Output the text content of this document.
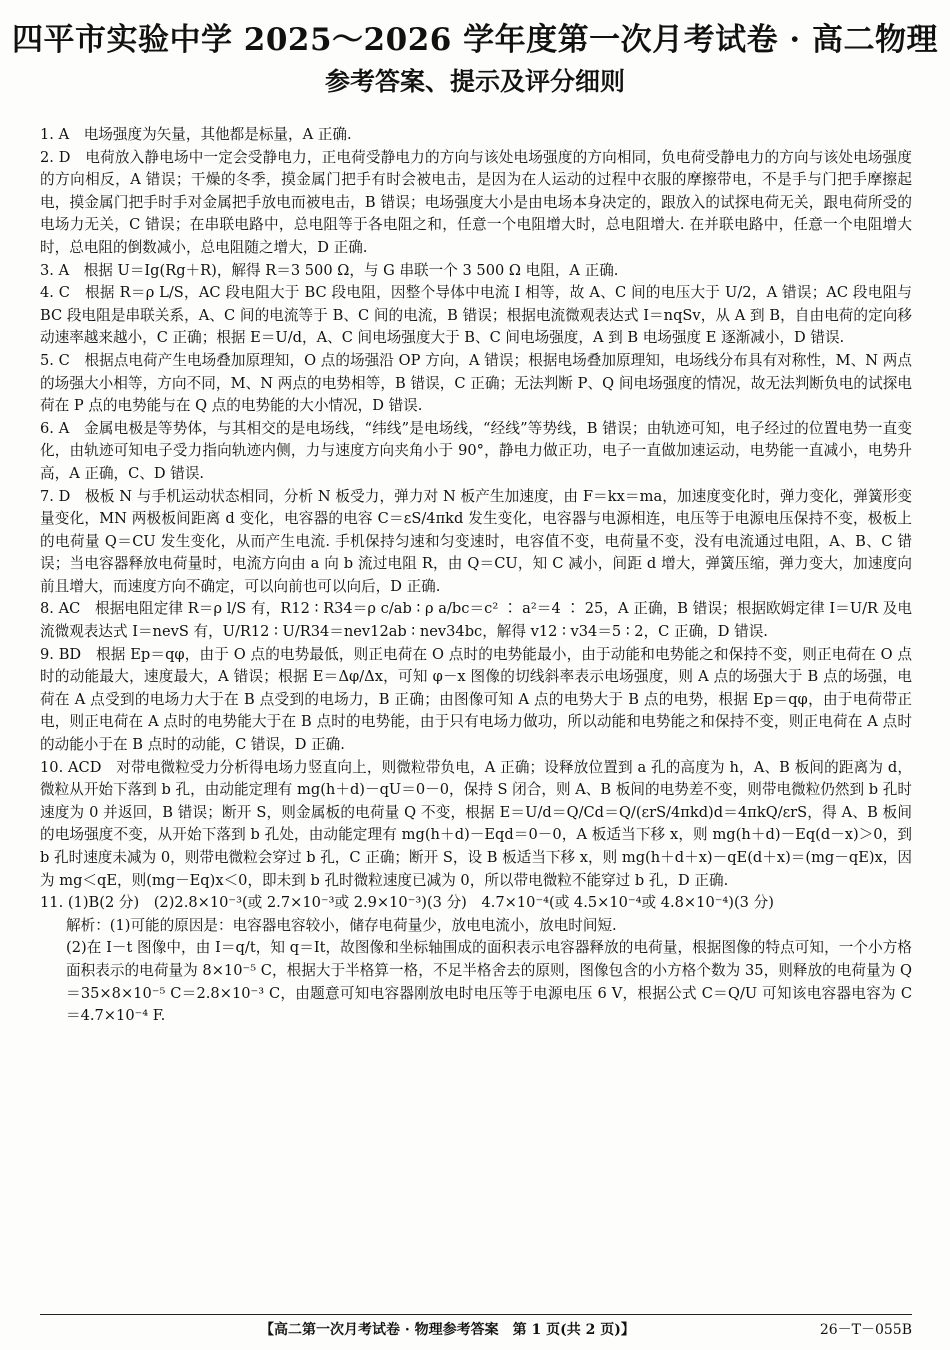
四平市实验中学 2025～2026 学年度第一次月考试卷 · 高二物理
参考答案、提示及评分细则

1. A　电场强度为矢量，其他都是标量，A 正确.

2. D　电荷放入静电场中一定会受静电力，正电荷受静电力的方向与该处电场强度的方向相同，负电荷受静电力的方向与该处电场强度的方向相反，A 错误；干燥的冬季，摸金属门把手有时会被电击，是因为在人运动的过程中衣服的摩擦带电，不是手与门把手摩擦起电，摸金属门把手时手对金属把手放电而被电击，B 错误；电场强度大小是由电场本身决定的，跟放入的试探电荷无关，跟电荷所受的电场力无关，C 错误；在串联电路中，总电阻等于各电阻之和，任意一个电阻增大时，总电阻增大. 在并联电路中，任意一个电阻增大时，总电阻的倒数减小，总电阻随之增大，D 正确.

3. A　根据 U＝Ig(Rg＋R)，解得 R＝3 500 Ω，与 G 串联一个 3 500 Ω 电阻，A 正确.

4. C　根据 R＝ρ L/S，AC 段电阻大于 BC 段电阻，因整个导体中电流 I 相等，故 A、C 间的电压大于 U/2，A 错误；AC 段电阻与 BC 段电阻是串联关系，A、C 间的电流等于 B、C 间的电流，B 错误；根据电流微观表达式 I＝nqSv，从 A 到 B，自由电荷的定向移动速率越来越小，C 正确；根据 E＝U/d，A、C 间电场强度大于 B、C 间电场强度，A 到 B 电场强度 E 逐渐减小，D 错误.

5. C　根据点电荷产生电场叠加原理知，O 点的场强沿 OP 方向，A 错误；根据电场叠加原理知，电场线分布具有对称性，M、N 两点的场强大小相等，方向不同，M、N 两点的电势相等，B 错误，C 正确；无法判断 P、Q 间电场强度的情况，故无法判断负电的试探电荷在 P 点的电势能与在 Q 点的电势能的大小情况，D 错误.

6. A　金属电极是等势体，与其相交的是电场线，“纬线”是电场线，“经线”等势线，B 错误；由轨迹可知，电子经过的位置电势一直变化，由轨迹可知电子受力指向轨迹内侧，力与速度方向夹角小于 90°，静电力做正功，电子一直做加速运动，电势能一直减小，电势升高，A 正确，C、D 错误.

7. D　极板 N 与手机运动状态相同，分析 N 板受力，弹力对 N 板产生加速度，由 F＝kx＝ma，加速度变化时，弹力变化，弹簧形变量变化，MN 两极板间距离 d 变化，电容器的电容 C＝εS/4πkd 发生变化，电容器与电源相连，电压等于电源电压保持不变，极板上的电荷量 Q＝CU 发生变化，从而产生电流. 手机保持匀速和匀变速时，电容值不变，电荷量不变，没有电流通过电阻，A、B、C 错误；当电容器释放电荷量时，电流方向由 a 向 b 流过电阻 R，由 Q＝CU，知 C 减小，间距 d 增大，弹簧压缩，弹力变大，加速度向前且增大，而速度方向不确定，可以向前也可以向后，D 正确.

8. AC　根据电阻定律 R＝ρ l/S 有，R12 ∶ R34＝ρ c/ab ∶ ρ a/bc＝c² ∶ a²＝4 ∶ 25，A 正确，B 错误；根据欧姆定律 I＝U/R 及电流微观表达式 I＝nevS 有，U/R12 ∶ U/R34＝nev12ab ∶ nev34bc，解得 v12 ∶ v34＝5 ∶ 2，C 正确，D 错误.

9. BD　根据 Ep＝qφ，由于 O 点的电势最低，则正电荷在 O 点时的电势能最小，由于动能和电势能之和保持不变，则正电荷在 O 点时的动能最大，速度最大，A 错误；根据 E＝Δφ/Δx，可知 φ－x 图像的切线斜率表示电场强度，则 A 点的场强大于 B 点的场强，电荷在 A 点受到的电场力大于在 B 点受到的电场力，B 正确；由图像可知 A 点的电势大于 B 点的电势，根据 Ep＝qφ，由于电荷带正电，则正电荷在 A 点时的电势能大于在 B 点时的电势能，由于只有电场力做功，所以动能和电势能之和保持不变，则正电荷在 A 点时的动能小于在 B 点时的动能，C 错误，D 正确.

10. ACD　对带电微粒受力分析得电场力竖直向上，则微粒带负电，A 正确；设释放位置到 a 孔的高度为 h，A、B 板间的距离为 d，微粒从开始下落到 b 孔，由动能定理有 mg(h＋d)－qU＝0－0，保持 S 闭合，则 A、B 板间的电势差不变，则带电微粒仍然到 b 孔时速度为 0 并返回，B 错误；断开 S，则金属板的电荷量 Q 不变，根据 E＝U/d＝Q/Cd＝Q/(εrS/4πkd)d＝4πkQ/εrS，得 A、B 板间的电场强度不变，从开始下落到 b 孔处，由动能定理有 mg(h＋d)－Eqd＝0－0，A 板适当下移 x，则 mg(h＋d)－Eq(d－x)＞0，到 b 孔时速度未减为 0，则带电微粒会穿过 b 孔，C 正确；断开 S，设 B 板适当下移 x，则 mg(h＋d＋x)－qE(d＋x)＝(mg－qE)x，因为 mg＜qE，则(mg－Eq)x＜0，即未到 b 孔时微粒速度已减为 0，所以带电微粒不能穿过 b 孔，D 正确.

11. (1)B(2 分)　(2)2.8×10⁻³(或 2.7×10⁻³或 2.9×10⁻³)(3 分)　4.7×10⁻⁴(或 4.5×10⁻⁴或 4.8×10⁻⁴)(3 分)

解析：(1)可能的原因是：电容器电容较小，储存电荷量少，放电电流小，放电时间短.

(2)在 I－t 图像中，由 I＝q/t，知 q＝It，故图像和坐标轴围成的面积表示电容器释放的电荷量，根据图像的特点可知，一个小方格面积表示的电荷量为 8×10⁻⁵ C，根据大于半格算一格，不足半格舍去的原则，图像包含的小方格个数为 35，则释放的电荷量为 Q＝35×8×10⁻⁵ C＝2.8×10⁻³ C，由题意可知电容器刚放电时电压等于电源电压 6 V，根据公式 C＝Q/U 可知该电容器电容为 C＝4.7×10⁻⁴ F.

【高二第一次月考试卷 · 物理参考答案　第 1 页(共 2 页)】	26－T－055B
